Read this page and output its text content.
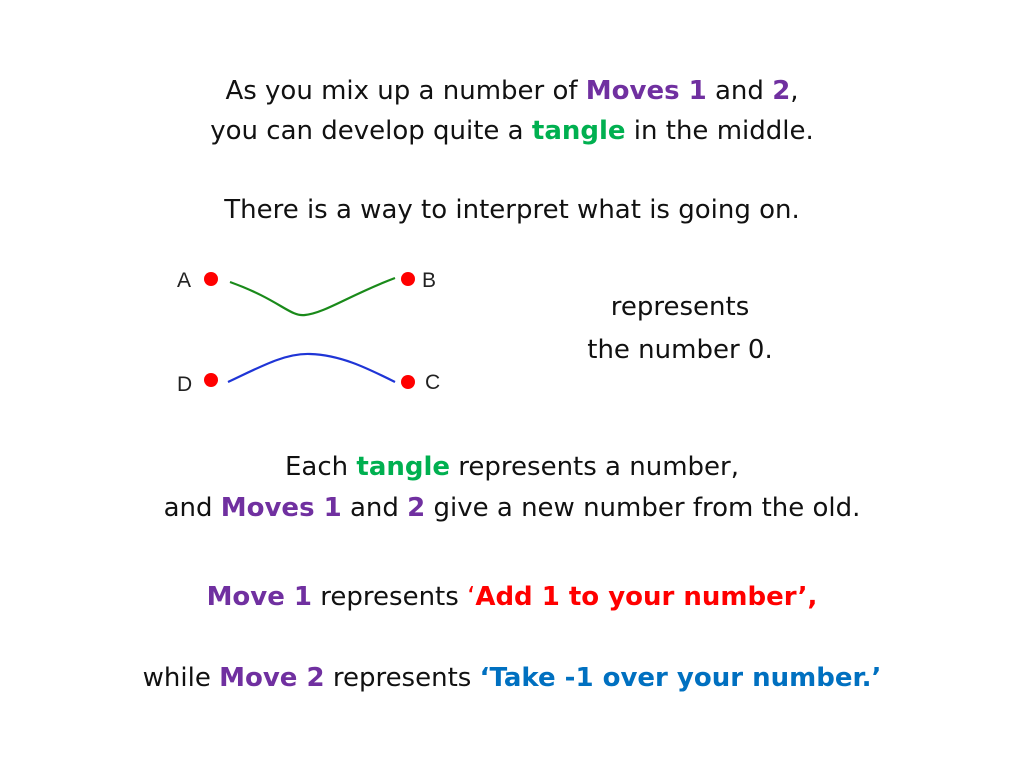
As you mix up a number of Moves 1 and 2,
you can develop quite a tangle in the middle.
There is a way to interpret what is going on.
A	B
D	C
represents
the number 0.
Each tangle represents a number,
and Moves 1 and 2 give a new number from the old.
Move 1 represents ‘Add 1 to your number’,
while Move 2 represents ‘Take -1 over your number.’
